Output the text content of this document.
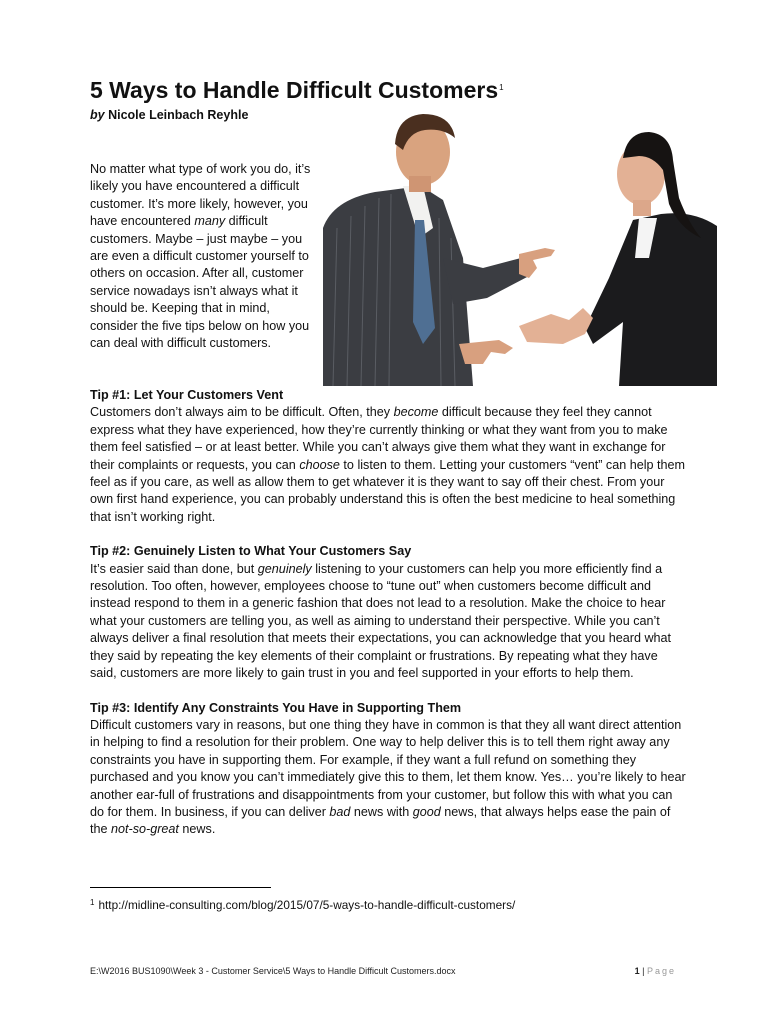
5 Ways to Handle Difficult Customers$^1$
by Nicole Leinbach Reyhle

No matter what type of work you do, it’s likely you have encountered a difficult customer. It’s more likely, however, you have encountered many difficult customers. Maybe – just maybe – you are even a difficult customer yourself to others on occasion. After all, customer service nowadays isn’t always what it should be. Keeping that in mind, consider the five tips below on how you can deal with difficult customers.

Tip #1: Let Your Customers Vent

Customers don’t always aim to be difficult. Often, they become difficult because they feel they cannot express what they have experienced, how they’re currently thinking or what they want from you to make them feel satisfied – or at least better. While you can’t always give them what they want in exchange for their complaints or requests, you can choose to listen to them. Letting your customers “vent” can help them feel as if you care, as well as allow them to get whatever it is they want to say off their chest. From your own first hand experience, you can probably understand this is often the best medicine to heal something that isn’t working right.

Tip #2: Genuinely Listen to What Your Customers Say

It’s easier said than done, but genuinely listening to your customers can help you more efficiently find a resolution. Too often, however, employees choose to “tune out” when customers become difficult and instead respond to them in a generic fashion that does not lead to a resolution. Make the choice to hear what your customers are telling you, as well as aiming to understand their perspective. While you can’t always deliver a final resolution that meets their expectations, you can acknowledge that you heard what they said by repeating the key elements of their complaint or frustrations. By repeating what they have said, customers are more likely to gain trust in you and feel supported in your efforts to help them.

Tip #3: Identify Any Constraints You Have in Supporting Them

Difficult customers vary in reasons, but one thing they have in common is that they all want direct attention in helping to find a resolution for their problem. One way to help deliver this is to tell them right away any constraints you have in supporting them. For example, if they want a full refund on something they purchased and you know you can’t immediately give this to them, let them know. Yes… you’re likely to hear another ear-full of frustrations and disappointments from your customer, but follow this with what you can do for them. In business, if you can deliver bad news with good news, that always helps ease the pain of the not-so-great news.

$^1$ http://midline-consulting.com/blog/2015/07/5-ways-to-handle-difficult-customers/
E:\W2016 BUS1090\Week 3 - Customer Service\5 Ways to Handle Difficult Customers.docx	1 | Page
